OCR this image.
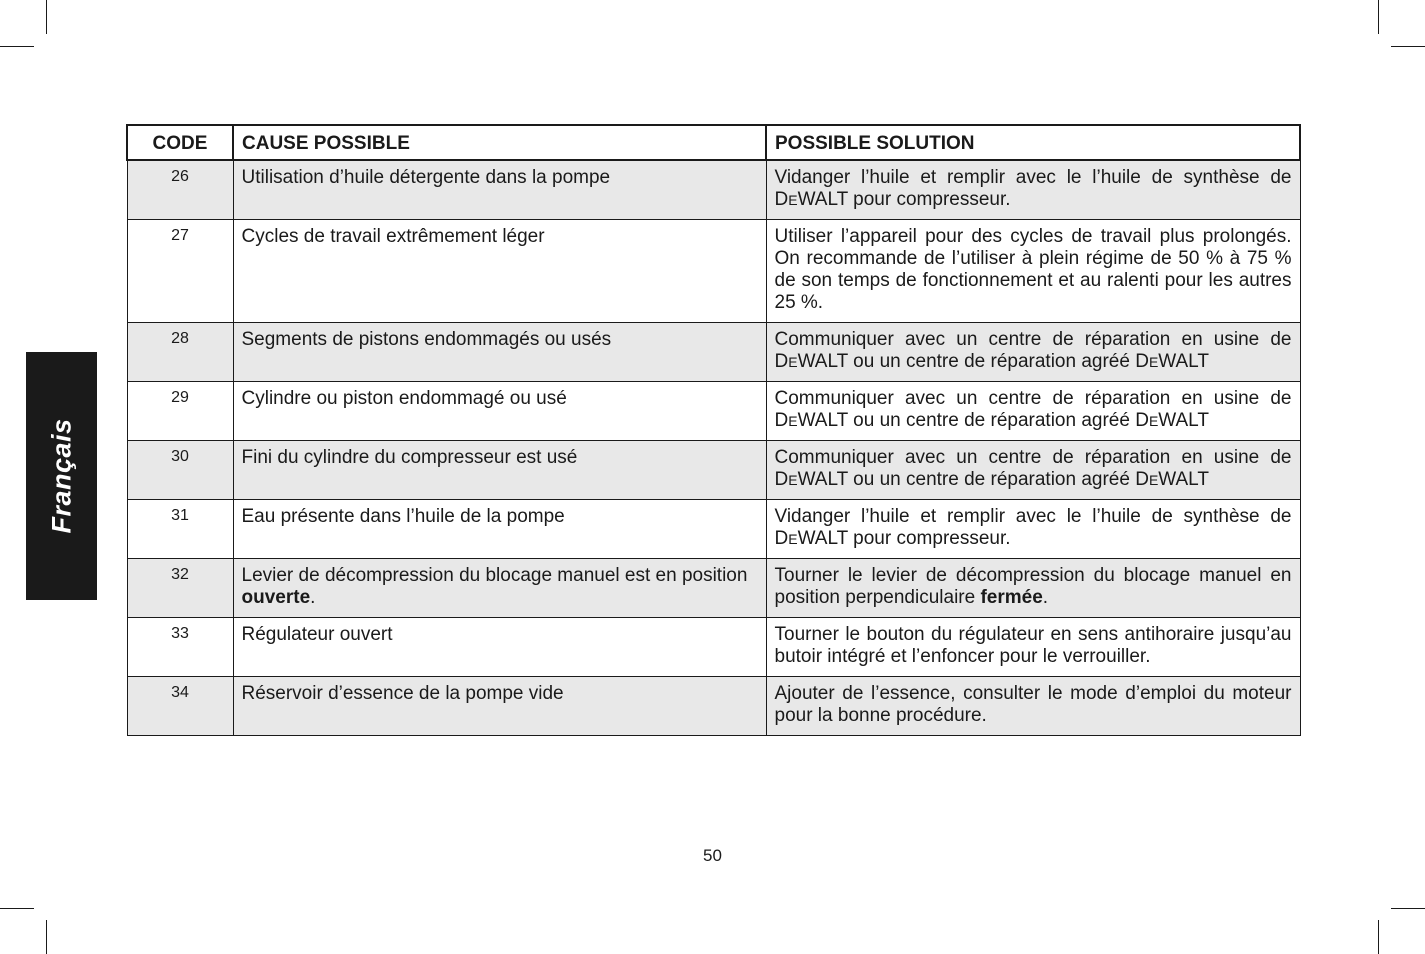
Français
CODE	CAUSE POSSIBLE	POSSIBLE SOLUTION
26	Utilisation d’huile détergente dans la pompe	Vidanger l’huile et remplir avec le l’huile de synthèse de DEWALT pour compresseur.
27	Cycles de travail extrêmement léger	Utiliser l’appareil pour des cycles de travail plus prolongés. On recommande de l’utiliser à plein régime de 50 % à 75 % de son temps de fonctionnement et au ralenti pour les autres 25 %.
28	Segments de pistons endommagés ou usés	Communiquer avec un centre de réparation en usine de DEWALT ou un centre de réparation agréé DEWALT
29	Cylindre ou piston endommagé ou usé	Communiquer avec un centre de réparation en usine de DEWALT ou un centre de réparation agréé DEWALT
30	Fini du cylindre du compresseur est usé	Communiquer avec un centre de réparation en usine de DEWALT ou un centre de réparation agréé DEWALT
31	Eau présente dans l’huile de la pompe	Vidanger l’huile et remplir avec le l’huile de synthèse de DEWALT pour compresseur.
32	Levier de décompression du blocage manuel est en position ouverte.	Tourner le levier de décompression du blocage manuel en position perpendiculaire fermée.
33	Régulateur ouvert	Tourner le bouton du régulateur en sens antihoraire jusqu’au butoir intégré et l’enfoncer pour le verrouiller.
34	Réservoir d’essence de la pompe vide	Ajouter de l’essence, consulter le mode d’emploi du moteur pour la bonne procédure.
50
